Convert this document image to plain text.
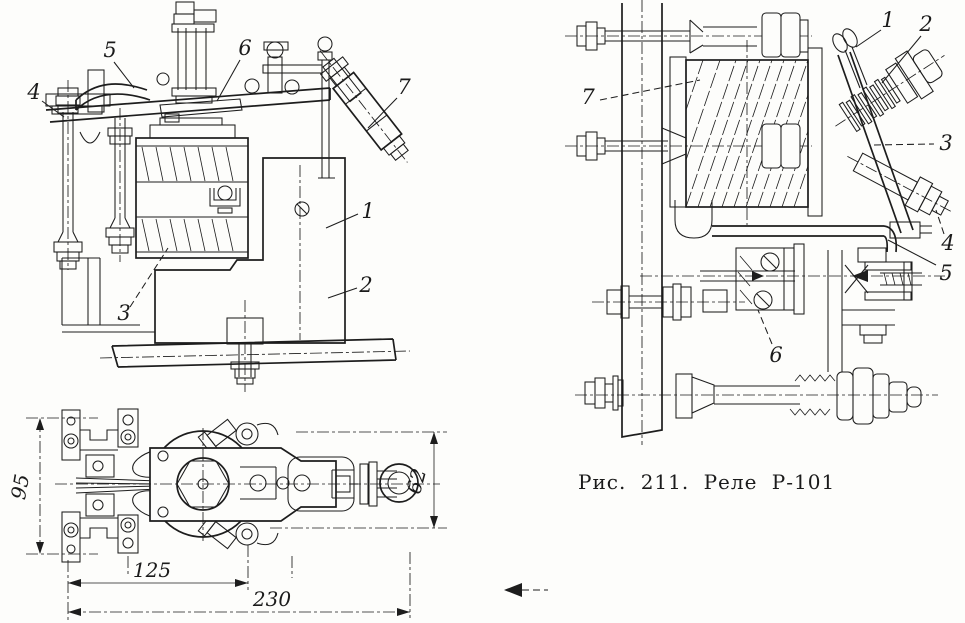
1
2
3
4
5	6
7
95	62
125
230
1 2
3
4
5
6
7
Рис. 211. Реле Р-101
